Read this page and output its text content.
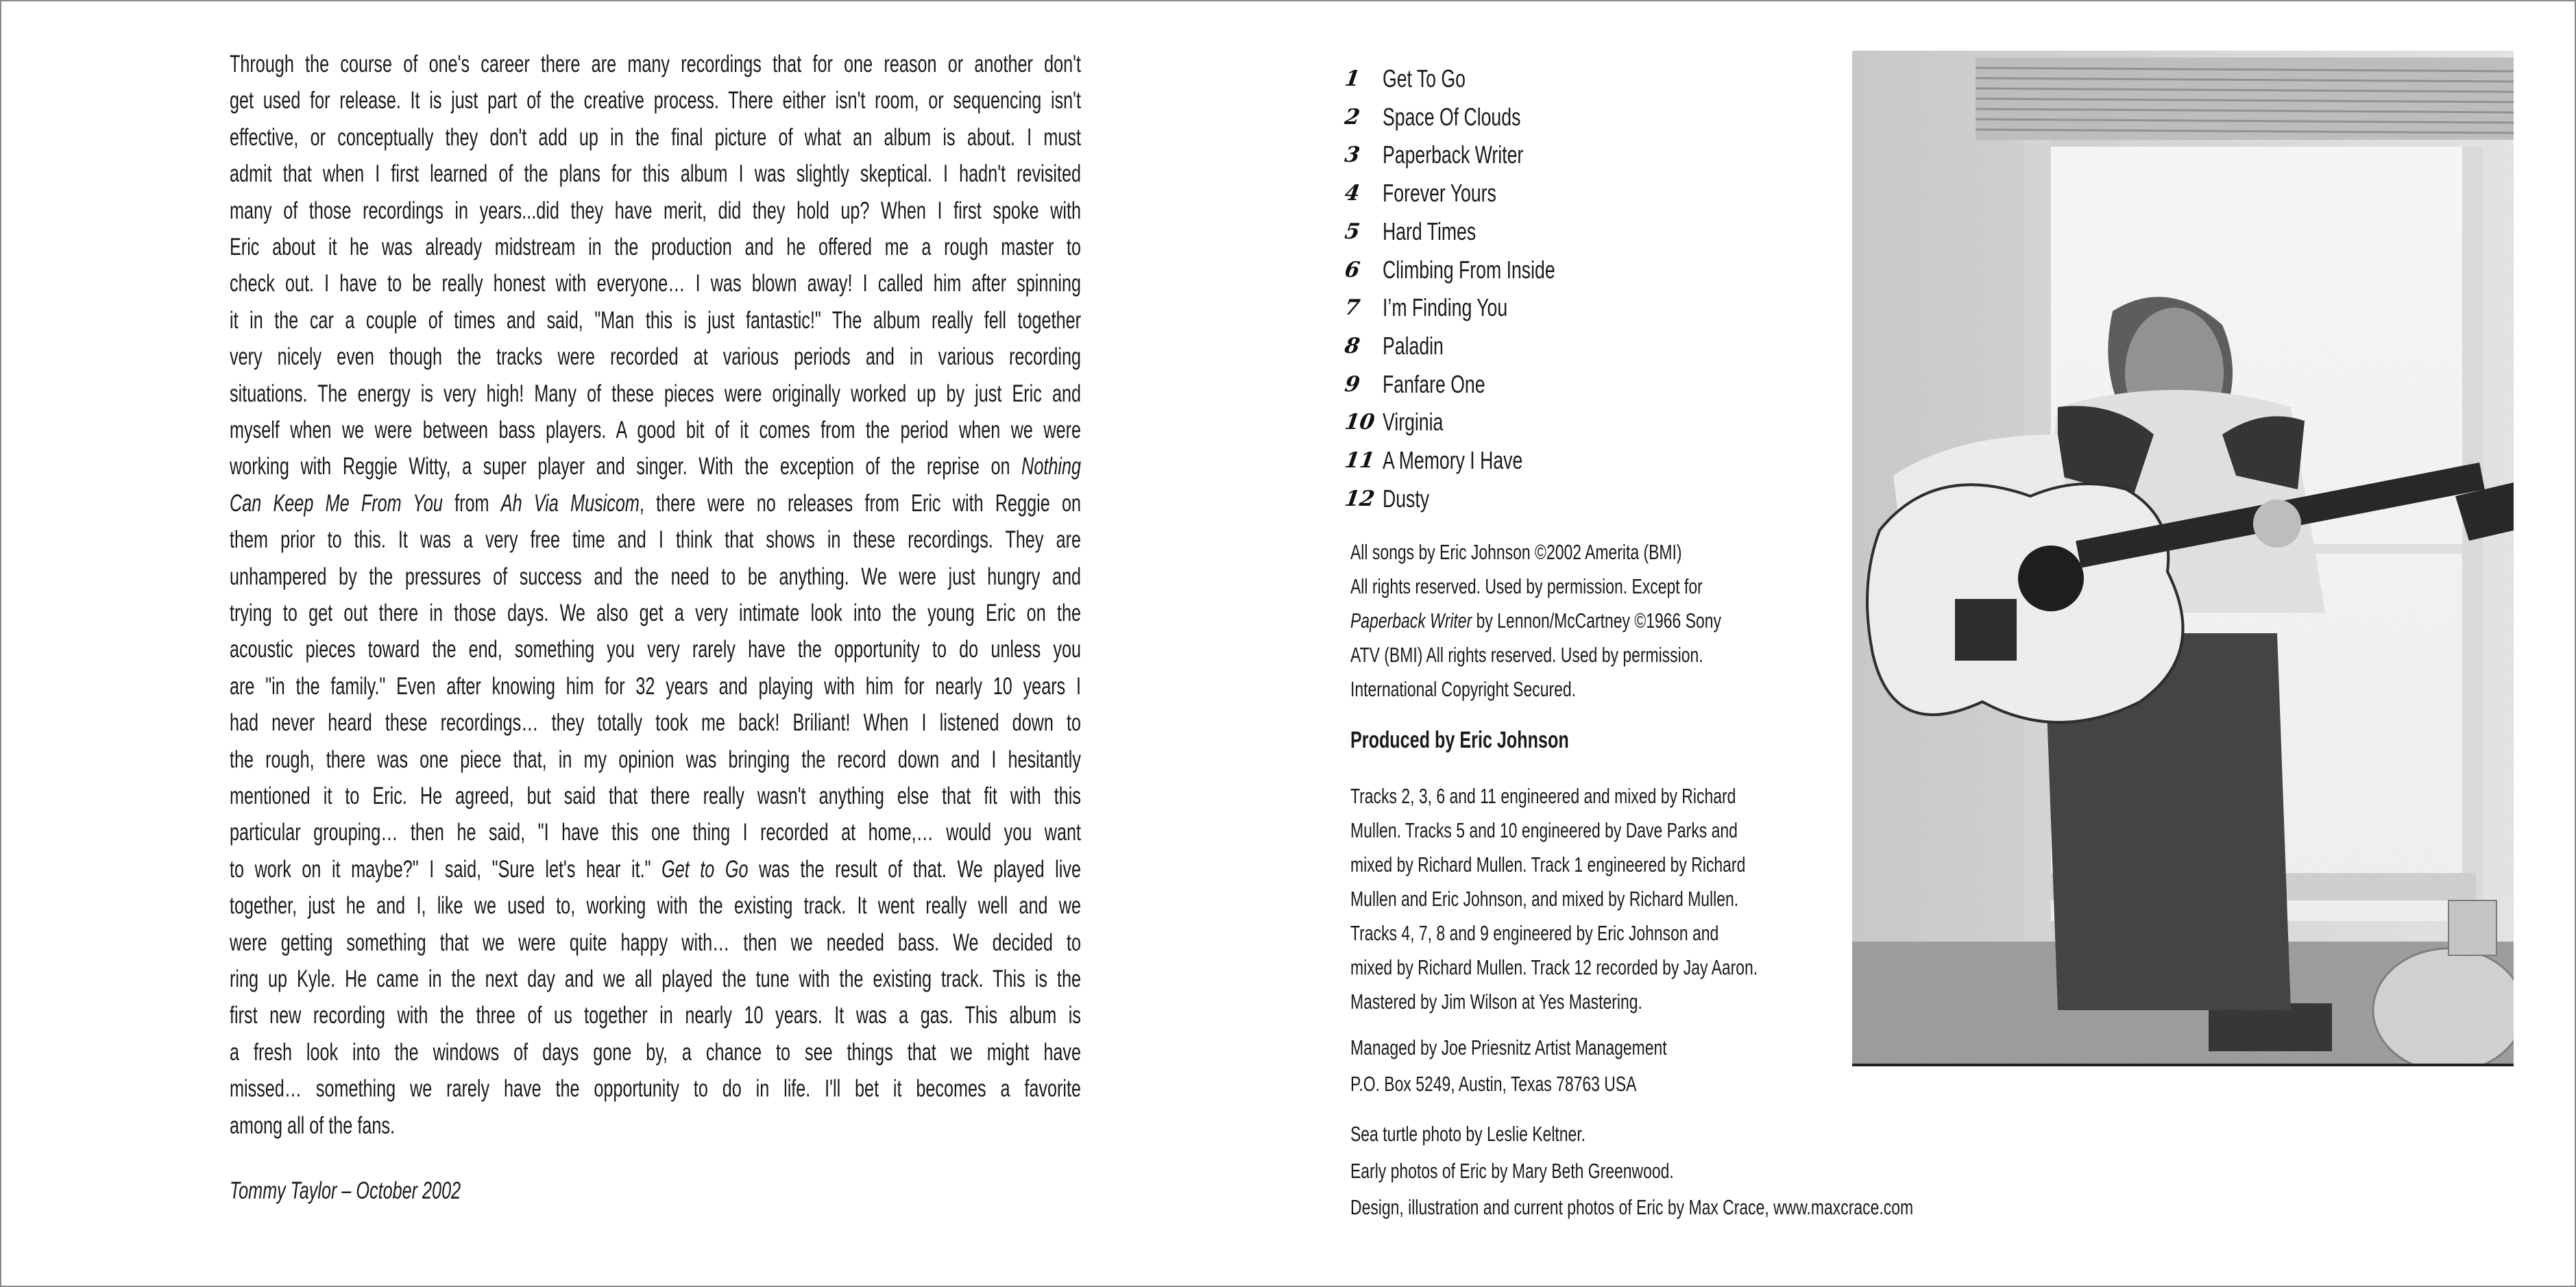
Through the course of one's career there are many recordings that for one reason or another don't
get used for release. It is just part of the creative process. There either isn't room, or sequencing isn't
effective, or conceptually they don't add up in the final picture of what an album is about. I must
admit that when I first learned of the plans for this album I was slightly skeptical. I hadn't revisited
many of those recordings in years...did they have merit, did they hold up? When I first spoke with
Eric about it he was already midstream in the production and he offered me a rough master to
check out. I have to be really honest with everyone… I was blown away! I called him after spinning
it in the car a couple of times and said, "Man this is just fantastic!" The album really fell together
very nicely even though the tracks were recorded at various periods and in various recording
situations. The energy is very high! Many of these pieces were originally worked up by just Eric and
myself when we were between bass players. A good bit of it comes from the period when we were
working with Reggie Witty, a super player and singer. With the exception of the reprise on Nothing
Can Keep Me From You from Ah Via Musicom, there were no releases from Eric with Reggie on
them prior to this. It was a very free time and I think that shows in these recordings. They are
unhampered by the pressures of success and the need to be anything. We were just hungry and
trying to get out there in those days. We also get a very intimate look into the young Eric on the
acoustic pieces toward the end, something you very rarely have the opportunity to do unless you
are "in the family." Even after knowing him for 32 years and playing with him for nearly 10 years I
had never heard these recordings… they totally took me back! Briliant! When I listened down to
the rough, there was one piece that, in my opinion was bringing the record down and I hesitantly
mentioned it to Eric. He agreed, but said that there really wasn't anything else that fit with this
particular grouping… then he said, "I have this one thing I recorded at home,… would you want
to work on it maybe?" I said, "Sure let's hear it." Get to Go was the result of that. We played live
together, just he and I, like we used to, working with the existing track. It went really well and we
were getting something that we were quite happy with… then we needed bass. We decided to
ring up Kyle. He came in the next day and we all played the tune with the existing track. This is the
first new recording with the three of us together in nearly 10 years. It was a gas. This album is
a fresh look into the windows of days gone by, a chance to see things that we might have
missed… something we rarely have the opportunity to do in life. I'll bet it becomes a favorite
among all of the fans.
Tommy Taylor – October 2002
1 Get To Go
2 Space Of Clouds
3 Paperback Writer
4 Forever Yours
5 Hard Times
6 Climbing From Inside
7 I’m Finding You
8 Paladin
9 Fanfare One
10 Virginia
11 A Memory I Have
12 Dusty
All songs by Eric Johnson ©2002 Amerita (BMI)
All rights reserved. Used by permission. Except for
Paperback Writer by Lennon/McCartney ©1966 Sony
ATV (BMI) All rights reserved. Used by permission.
International Copyright Secured.
Produced by Eric Johnson
Tracks 2, 3, 6 and 11 engineered and mixed by Richard
Mullen. Tracks 5 and 10 engineered by Dave Parks and
mixed by Richard Mullen. Track 1 engineered by Richard
Mullen and Eric Johnson, and mixed by Richard Mullen.
Tracks 4, 7, 8 and 9 engineered by Eric Johnson and
mixed by Richard Mullen. Track 12 recorded by Jay Aaron.
Mastered by Jim Wilson at Yes Mastering.
Managed by Joe Priesnitz Artist Management
P.O. Box 5249, Austin, Texas 78763 USA
Sea turtle photo by Leslie Keltner.
Early photos of Eric by Mary Beth Greenwood.
Design, illustration and current photos of Eric by Max Crace, www.maxcrace.com
